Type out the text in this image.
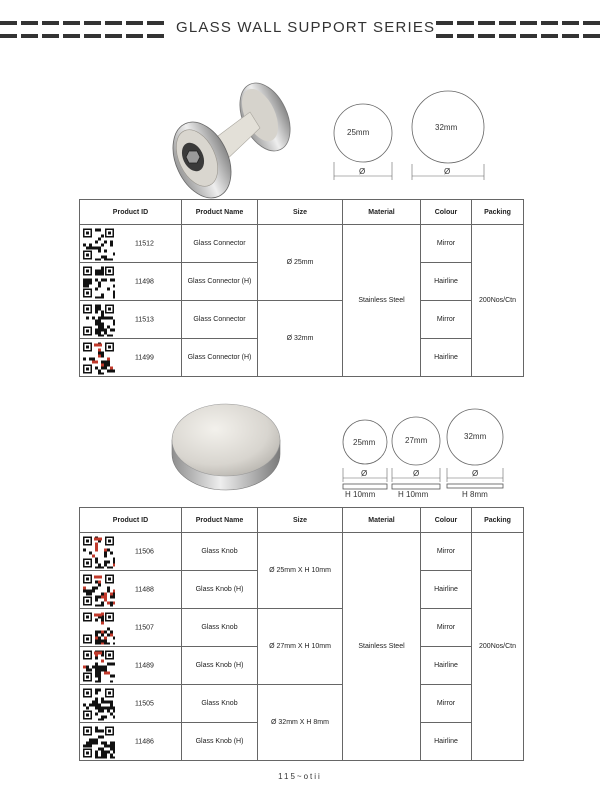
GLASS WALL SUPPORT SERIES
25mm
32mm
Ø	Ø
Product ID	Product Name	Size	Material	Colour	Packing

11512	Glass Connector	Ø 25mm	Stainless Steel	Mirror	200Nos/Ctn

11498	Glass Connector (H)			Hairline	

11513	Glass Connector	Ø 32mm		Mirror	

11499	Glass Connector (H)			Hairline	
25mm	27mm	32mm
Ø	Ø	Ø
H 10mm	H 10mm	H 8mm
Product ID	Product Name	Size	Material	Colour	Packing

11506	Glass Knob	Ø 25mm X H 10mm	Stainless Steel	Mirror	200Nos/Ctn

11488	Glass Knob (H)			Hairline	

11507	Glass Knob	Ø 27mm X H 10mm		Mirror	

11489	Glass Knob (H)			Hairline	

11505	Glass Knob	Ø 32mm X H 8mm		Mirror	

11486	Glass Knob (H)			Hairline	
115~otii
